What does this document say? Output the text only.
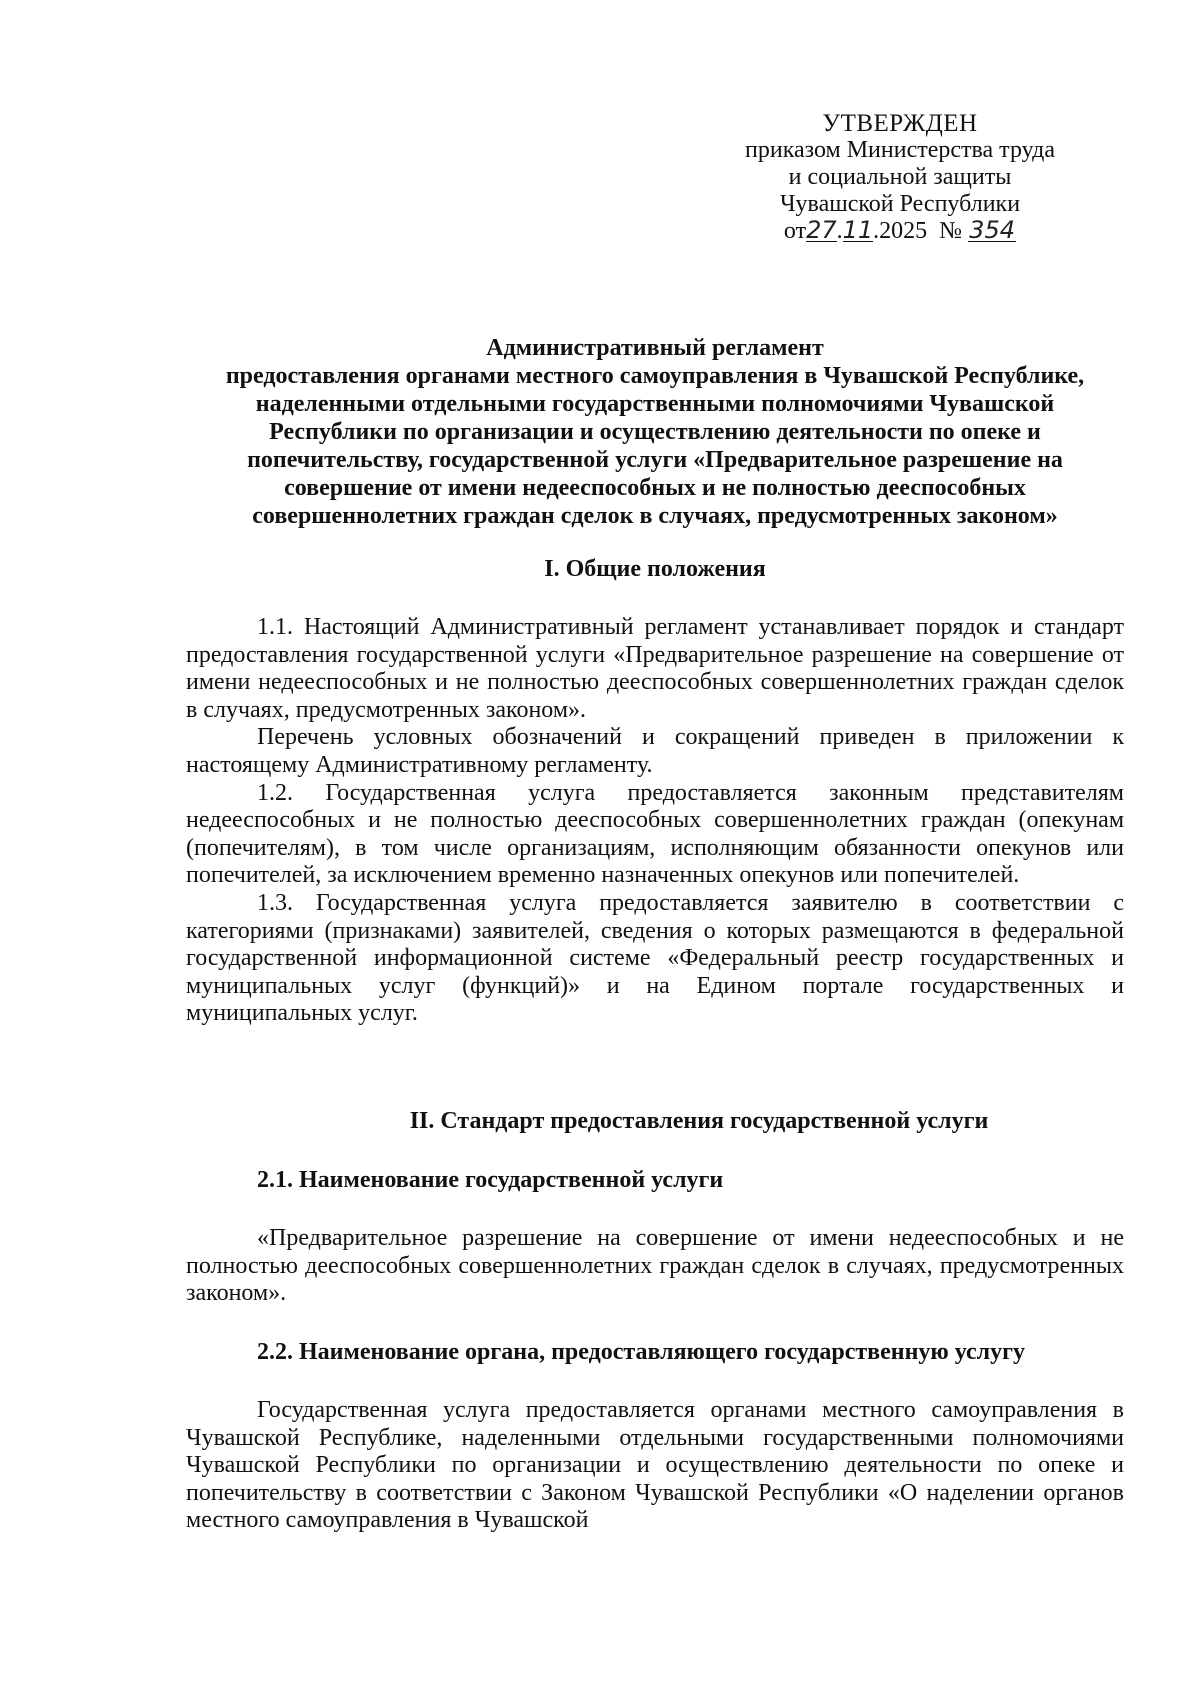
УТВЕРЖДЕН
приказом Министерства труда
и социальной защиты
Чувашской Республики
от27.11.2025 № 354
Административный регламент
предоставления органами местного самоуправления в Чувашской Республике,
наделенными отдельными государственными полномочиями Чувашской
Республики по организации и осуществлению деятельности по опеке и
попечительству, государственной услуги «Предварительное разрешение на
совершение от имени недееспособных и не полностью дееспособных
совершеннолетних граждан сделок в случаях, предусмотренных законом»
I. Общие положения

1.1. Настоящий Административный регламент устанавливает порядок и стандарт предоставления государственной услуги «Предварительное разрешение на совершение от имени недееспособных и не полностью дееспособных совершеннолетних граждан сделок в случаях, предусмотренных законом».

Перечень условных обозначений и сокращений приведен в приложении к настоящему Административному регламенту.

1.2. Государственная услуга предоставляется законным представителям недееспособных и не полностью дееспособных совершеннолетних граждан (опекунам (попечителям), в том числе организациям, исполняющим обязанности опекунов или попечителей, за исключением временно назначенных опекунов или попечителей.

1.3. Государственная услуга предоставляется заявителю в соответствии с категориями (признаками) заявителей, сведения о которых размещаются в федеральной государственной информационной системе «Федеральный реестр государственных и муниципальных услуг (функций)» и на Едином портале государственных и муниципальных услуг.

II. Стандарт предоставления государственной услуги
2.1. Наименование государственной услуги

«Предварительное разрешение на совершение от имени недееспособных и не полностью дееспособных совершеннолетних граждан сделок в случаях, предусмотренных законом».

2.2. Наименование органа, предоставляющего государственную услугу

Государственная услуга предоставляется органами местного самоуправления в Чувашской Республике, наделенными отдельными государственными полномочиями Чувашской Республики по организации и осуществлению деятельности по опеке и попечительству в соответствии с Законом Чувашской Республики «О наделении органов местного самоуправления в Чувашской
